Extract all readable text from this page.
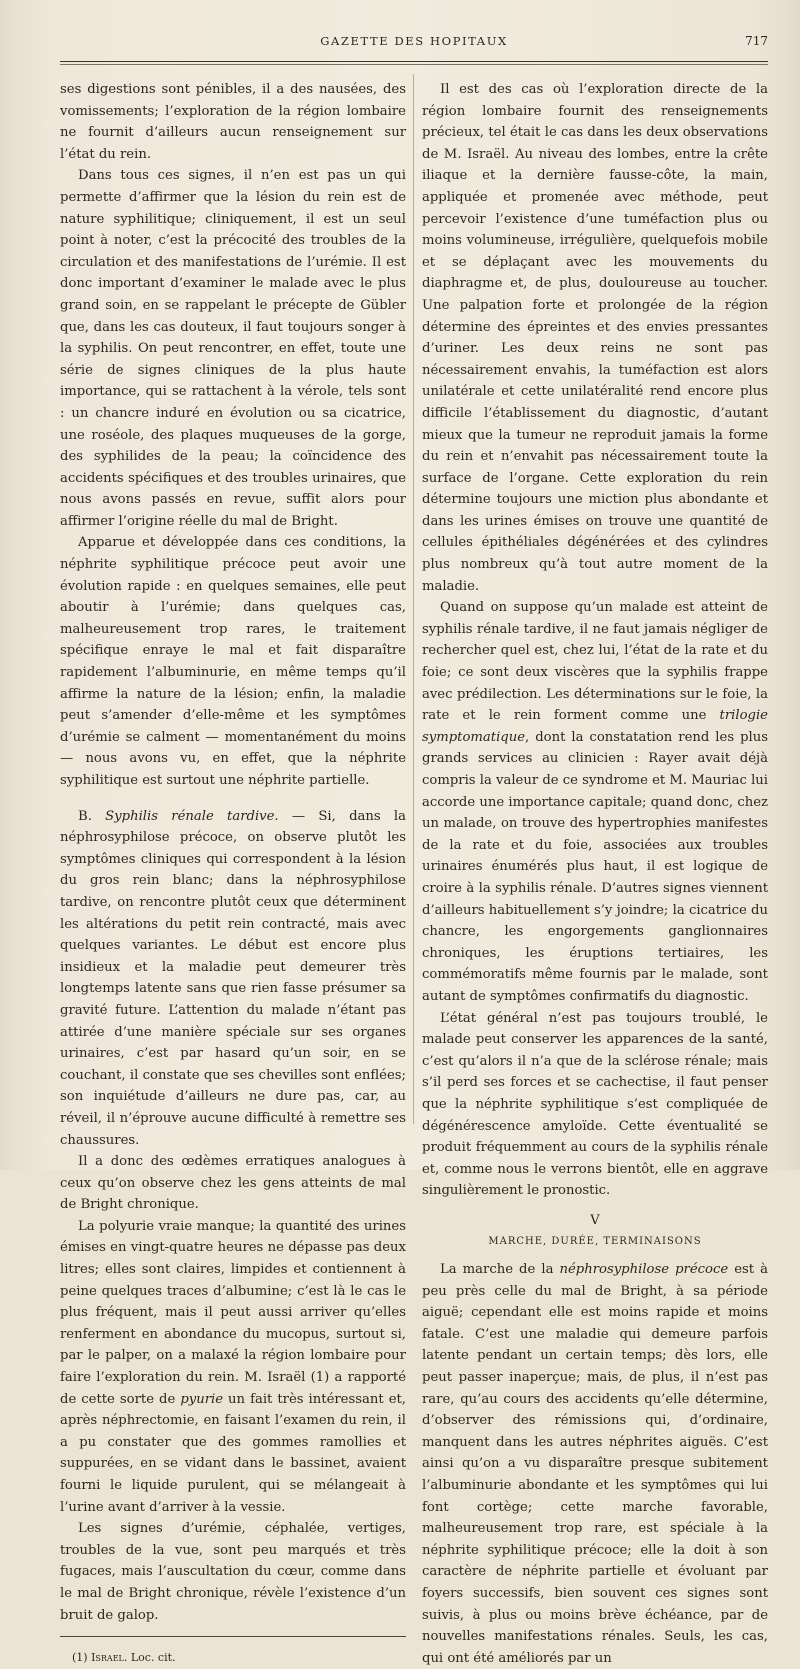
GAZETTE DES HOPITAUX	717

ses digestions sont pénibles, il a des nausées, des vomissements; l’exploration de la région lombaire ne fournit d’ailleurs aucun renseignement sur l’état du rein.

Dans tous ces signes, il n’en est pas un qui permette d’affirmer que la lésion du rein est de nature syphilitique; cliniquement, il est un seul point à noter, c’est la précocité des troubles de la circulation et des manifestations de l’urémie. Il est donc important d’examiner le malade avec le plus grand soin, en se rappelant le précepte de Gübler que, dans les cas douteux, il faut toujours songer à la syphilis. On peut rencontrer, en effet, toute une série de signes cliniques de la plus haute importance, qui se rattachent à la vérole, tels sont : un chancre induré en évolution ou sa cicatrice, une roséole, des plaques muqueuses de la gorge, des syphilides de la peau; la coïncidence des accidents spécifiques et des troubles urinaires, que nous avons passés en revue, suffit alors pour affirmer l’origine réelle du mal de Bright.

Apparue et développée dans ces conditions, la néphrite syphilitique précoce peut avoir une évolution rapide : en quelques semaines, elle peut aboutir à l’urémie; dans quelques cas, malheureusement trop rares, le traitement spécifique enraye le mal et fait disparaître rapidement l’albuminurie, en même temps qu’il affirme la nature de la lésion; enfin, la maladie peut s’amender d’elle-même et les symptômes d’urémie se calment — momentanément du moins — nous avons vu, en effet, que la néphrite syphilitique est surtout une néphrite partielle.

B. Syphilis rénale tardive. — Si, dans la néphrosyphilose précoce, on observe plutôt les symptômes cliniques qui correspondent à la lésion du gros rein blanc; dans la néphrosyphilose tardive, on rencontre plutôt ceux que déterminent les altérations du petit rein contracté, mais avec quelques variantes. Le début est encore plus insidieux et la maladie peut demeurer très longtemps latente sans que rien fasse présumer sa gravité future. L’attention du malade n’étant pas attirée d’une manière spéciale sur ses organes urinaires, c’est par hasard qu’un soir, en se couchant, il constate que ses chevilles sont enflées; son inquiétude d’ailleurs ne dure pas, car, au réveil, il n’éprouve aucune difficulté à remettre ses chaussures.

Il a donc des œdèmes erratiques analogues à ceux qu’on observe chez les gens atteints de mal de Bright chronique.

La polyurie vraie manque; la quantité des urines émises en vingt-quatre heures ne dépasse pas deux litres; elles sont claires, limpides et contiennent à peine quelques traces d’albumine; c’est là le cas le plus fréquent, mais il peut aussi arriver qu’elles renferment en abondance du mucopus, surtout si, par le palper, on a malaxé la région lombaire pour faire l’exploration du rein. M. Israël (1) a rapporté de cette sorte de pyurie un fait très intéressant et, après néphrectomie, en faisant l’examen du rein, il a pu constater que des gommes ramollies et suppurées, en se vidant dans le bassinet, avaient fourni le liquide purulent, qui se mélangeait à l’urine avant d’arriver à la vessie.

Les signes d’urémie, céphalée, vertiges, troubles de la vue, sont peu marqués et très fugaces, mais l’auscultation du cœur, comme dans le mal de Bright chronique, révèle l’existence d’un bruit de galop.

(1) Israel. Loc. cit.

Il est des cas où l’exploration directe de la région lombaire fournit des renseignements précieux, tel était le cas dans les deux observations de M. Israël. Au niveau des lombes, entre la crête iliaque et la dernière fausse-côte, la main, appliquée et promenée avec méthode, peut percevoir l’existence d’une tuméfaction plus ou moins volumineuse, irrégulière, quelquefois mobile et se déplaçant avec les mouvements du diaphragme et, de plus, douloureuse au toucher. Une palpation forte et prolongée de la région détermine des épreintes et des envies pressantes d’uriner. Les deux reins ne sont pas nécessairement envahis, la tuméfaction est alors unilatérale et cette unilatéralité rend encore plus difficile l’établissement du diagnostic, d’autant mieux que la tumeur ne reproduit jamais la forme du rein et n’envahit pas nécessairement toute la surface de l’organe. Cette exploration du rein détermine toujours une miction plus abondante et dans les urines émises on trouve une quantité de cellules épithéliales dégénérées et des cylindres plus nombreux qu’à tout autre moment de la maladie.

Quand on suppose qu’un malade est atteint de syphilis rénale tardive, il ne faut jamais négliger de rechercher quel est, chez lui, l’état de la rate et du foie; ce sont deux viscères que la syphilis frappe avec prédilection. Les déterminations sur le foie, la rate et le rein forment comme une trilogie symptomatique, dont la constatation rend les plus grands services au clinicien : Rayer avait déjà compris la valeur de ce syndrome et M. Mauriac lui accorde une importance capitale; quand donc, chez un malade, on trouve des hypertrophies manifestes de la rate et du foie, associées aux troubles urinaires énumérés plus haut, il est logique de croire à la syphilis rénale. D’autres signes viennent d’ailleurs habituellement s’y joindre; la cicatrice du chancre, les engorgements ganglionnaires chroniques, les éruptions tertiaires, les commémoratifs même fournis par le malade, sont autant de symptômes confirmatifs du diagnostic.

L’état général n’est pas toujours troublé, le malade peut conserver les apparences de la santé, c’est qu’alors il n’a que de la sclérose rénale; mais s’il perd ses forces et se cachectise, il faut penser que la néphrite syphilitique s’est compliquée de dégénérescence amyloïde. Cette éventualité se produit fréquemment au cours de la syphilis rénale et, comme nous le verrons bientôt, elle en aggrave singulièrement le pronostic.

V
MARCHE, DURÉE, TERMINAISONS

La marche de la néphrosyphilose précoce est à peu près celle du mal de Bright, à sa période aiguë; cependant elle est moins rapide et moins fatale. C’est une maladie qui demeure parfois latente pendant un certain temps; dès lors, elle peut passer inaperçue; mais, de plus, il n’est pas rare, qu’au cours des accidents qu’elle détermine, d’observer des rémissions qui, d’ordinaire, manquent dans les autres néphrites aiguës. C’est ainsi qu’on a vu disparaître presque subitement l’albuminurie abondante et les symptômes qui lui font cortège; cette marche favorable, malheureusement trop rare, est spéciale à la néphrite syphilitique précoce; elle la doit à son caractère de néphrite partielle et évoluant par foyers successifs, bien souvent ces signes sont suivis, à plus ou moins brève échéance, par de nouvelles manifestations rénales. Seuls, les cas, qui ont été améliorés par un
